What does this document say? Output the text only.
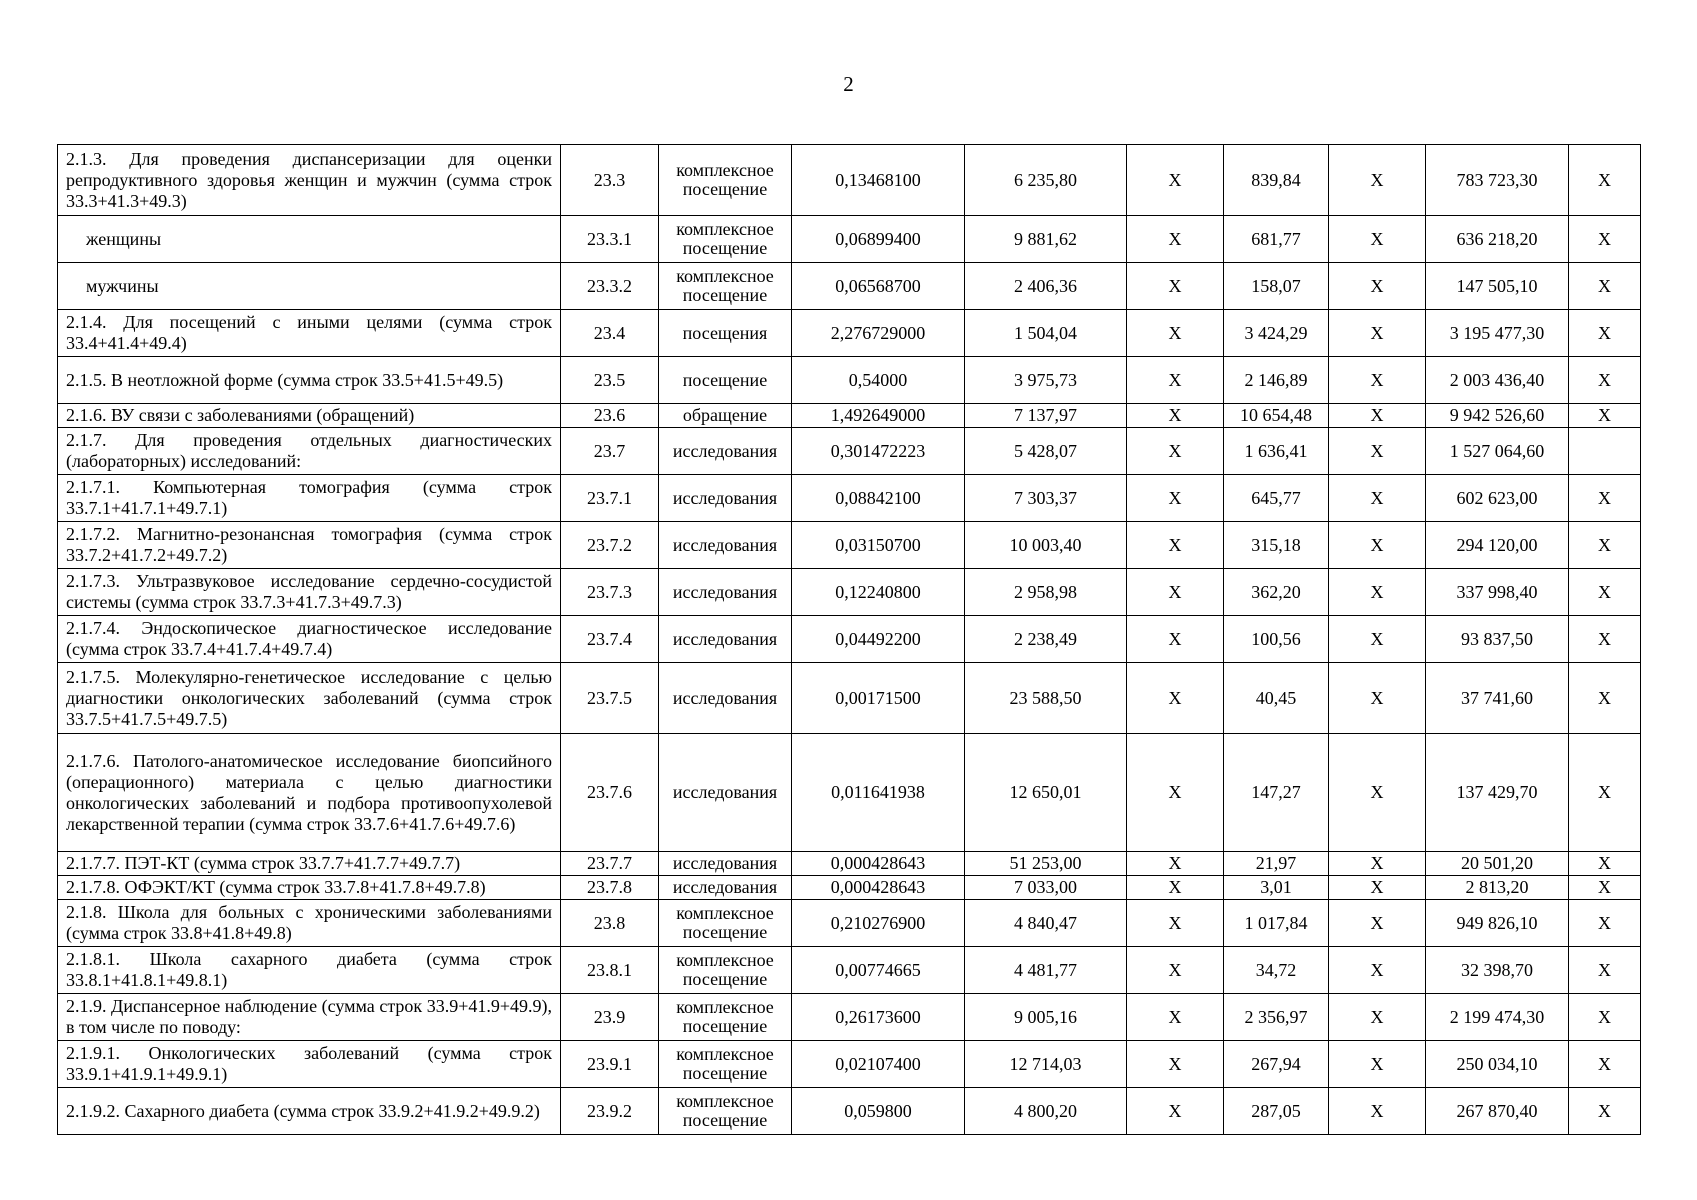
2
2.1.3. Для проведения диспансеризации для оценки репродуктивного здоровья женщин и мужчин (сумма строк 33.3+41.3+49.3)	23.3	комплексное посещение	0,13468100	6 235,80	Х	839,84	Х	783 723,30	Х
женщины	23.3.1	комплексное посещение	0,06899400	9 881,62	Х	681,77	Х	636 218,20	Х
мужчины	23.3.2	комплексное посещение	0,06568700	2 406,36	Х	158,07	Х	147 505,10	Х
2.1.4. Для посещений с иными целями (сумма строк 33.4+41.4+49.4)	23.4	посещения	2,276729000	1 504,04	Х	3 424,29	Х	3 195 477,30	Х
2.1.5. В неотложной форме (сумма строк 33.5+41.5+49.5)	23.5	посещение	0,54000	3 975,73	Х	2 146,89	Х	2 003 436,40	Х
2.1.6. ВУ связи с заболеваниями (обращений)	23.6	обращение	1,492649000	7 137,97	Х	10 654,48	Х	9 942 526,60	Х
2.1.7. Для проведения отдельных диагностических (лабораторных) исследований:	23.7	исследования	0,301472223	5 428,07	Х	1 636,41	Х	1 527 064,60	
2.1.7.1. Компьютерная томография (сумма строк 33.7.1+41.7.1+49.7.1)	23.7.1	исследования	0,08842100	7 303,37	Х	645,77	Х	602 623,00	Х
2.1.7.2. Магнитно-резонансная томография (сумма строк 33.7.2+41.7.2+49.7.2)	23.7.2	исследования	0,03150700	10 003,40	Х	315,18	Х	294 120,00	Х
2.1.7.3. Ультразвуковое исследование сердечно-сосудистой системы (сумма строк 33.7.3+41.7.3+49.7.3)	23.7.3	исследования	0,12240800	2 958,98	Х	362,20	Х	337 998,40	Х
2.1.7.4. Эндоскопическое диагностическое исследование (сумма строк 33.7.4+41.7.4+49.7.4)	23.7.4	исследования	0,04492200	2 238,49	Х	100,56	Х	93 837,50	Х
2.1.7.5. Молекулярно-генетическое исследование с целью диагностики онкологических заболеваний (сумма строк 33.7.5+41.7.5+49.7.5)	23.7.5	исследования	0,00171500	23 588,50	Х	40,45	Х	37 741,60	Х
2.1.7.6. Патолого-анатомическое исследование биопсийного (операционного) материала с целью диагностики онкологических заболеваний и подбора противоопухолевой лекарственной терапии (сумма строк 33.7.6+41.7.6+49.7.6)	23.7.6	исследования	0,011641938	12 650,01	Х	147,27	Х	137 429,70	Х
2.1.7.7. ПЭТ-КТ (сумма строк 33.7.7+41.7.7+49.7.7)	23.7.7	исследования	0,000428643	51 253,00	Х	21,97	Х	20 501,20	Х
2.1.7.8. ОФЭКТ/КТ (сумма строк 33.7.8+41.7.8+49.7.8)	23.7.8	исследования	0,000428643	7 033,00	Х	3,01	Х	2 813,20	Х
2.1.8. Школа для больных с хроническими заболеваниями (сумма строк 33.8+41.8+49.8)	23.8	комплексное посещение	0,210276900	4 840,47	Х	1 017,84	Х	949 826,10	Х
2.1.8.1. Школа сахарного диабета (сумма строк 33.8.1+41.8.1+49.8.1)	23.8.1	комплексное посещение	0,00774665	4 481,77	Х	34,72	Х	32 398,70	Х
2.1.9. Диспансерное наблюдение (сумма строк 33.9+41.9+49.9), в том числе по поводу:	23.9	комплексное посещение	0,26173600	9 005,16	Х	2 356,97	Х	2 199 474,30	Х
2.1.9.1. Онкологических заболеваний (сумма строк 33.9.1+41.9.1+49.9.1)	23.9.1	комплексное посещение	0,02107400	12 714,03	Х	267,94	Х	250 034,10	Х
2.1.9.2. Сахарного диабета (сумма строк 33.9.2+41.9.2+49.9.2)	23.9.2	комплексное посещение	0,059800	4 800,20	Х	287,05	Х	267 870,40	Х
